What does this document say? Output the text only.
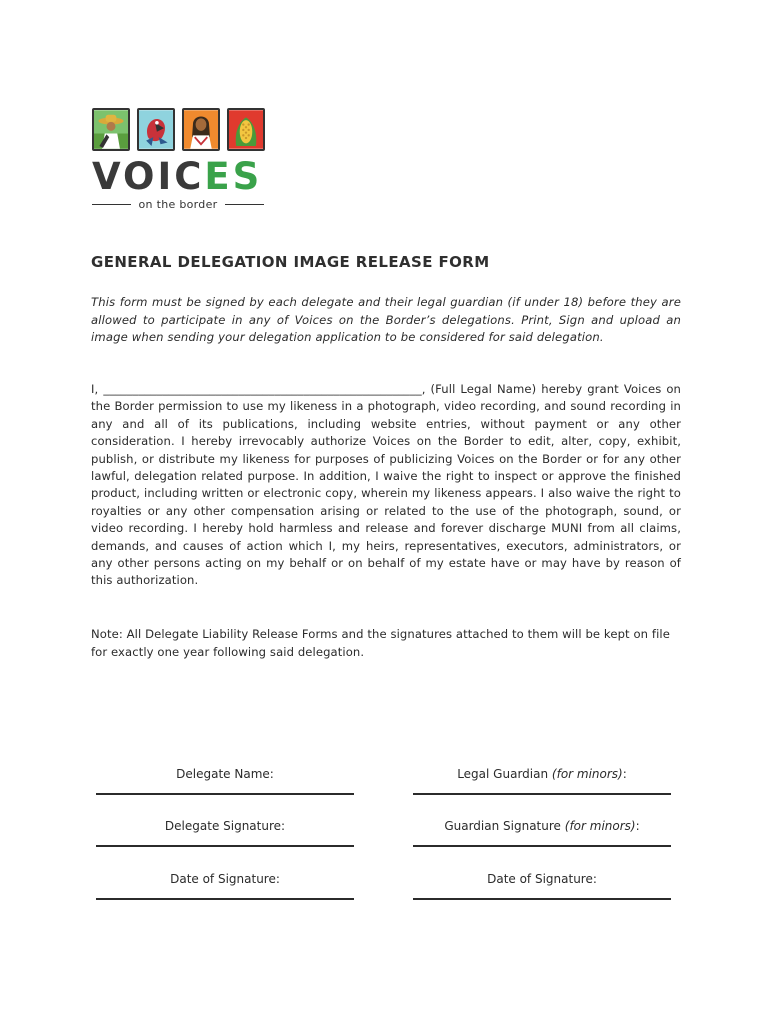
VOICES
on the border
GENERAL DELEGATION IMAGE RELEASE FORM

This form must be signed by each delegate and their legal guardian (if under 18) before they are allowed to participate in any of Voices on the Border’s delegations. Print, Sign and upload an image when sending your delegation application to be considered for said delegation.

I, ______________________________________________________, (Full Legal Name) hereby grant Voices on the Border permission to use my likeness in a photograph, video recording, and sound recording in any and all of its publications, including website entries, without payment or any other consideration. I hereby irrevocably authorize Voices on the Border to edit, alter, copy, exhibit, publish, or distribute my likeness for purposes of publicizing Voices on the Border or for any other lawful, delegation related purpose. In addition, I waive the right to inspect or approve the finished product, including written or electronic copy, wherein my likeness appears. I also waive the right to royalties or any other compensation arising or related to the use of the photograph, sound, or video recording. I hereby hold harmless and release and forever discharge MUNI from all claims, demands, and causes of action which I, my heirs, representatives, executors, administrators, or any other persons acting on my behalf or on behalf of my estate have or may have by reason of this authorization.

Note: All Delegate Liability Release Forms and the signatures attached to them will be kept on file for exactly one year following said delegation.

Delegate Name:	Legal Guardian (for minors):
Delegate Signature:	Guardian Signature (for minors):
Date of Signature:	Date of Signature:
